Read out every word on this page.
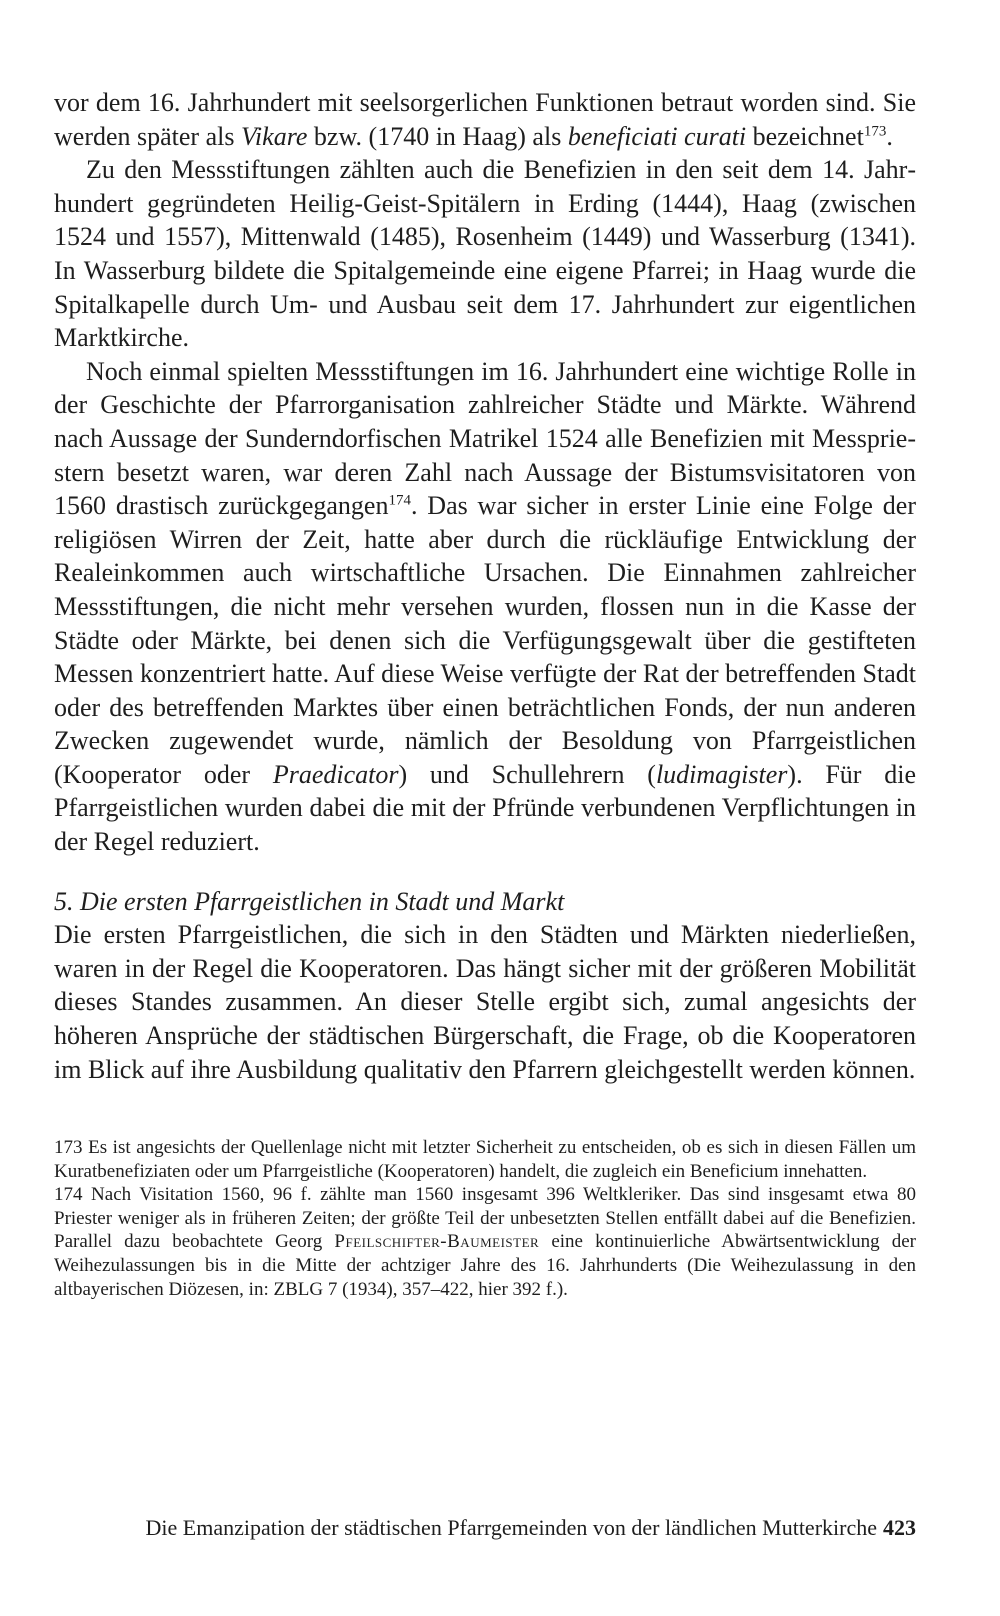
vor dem 16. Jahrhundert mit seelsorgerlichen Funktionen betraut worden sind. Sie werden später als Vikare bzw. (1740 in Haag) als beneficiati curati bezeichnet$^{173}$.

Zu den Messstiftungen zählten auch die Benefizien in den seit dem 14. Jahrhundert gegründeten Heilig-Geist-Spitälern in Erding (1444), Haag (zwischen 1524 und 1557), Mittenwald (1485), Rosenheim (1449) und Wasserburg (1341). In Wasserburg bildete die Spitalgemeinde eine eigene Pfarrei; in Haag wurde die Spitalkapelle durch Um- und Ausbau seit dem 17. Jahrhundert zur eigentlichen Marktkirche.

Noch einmal spielten Messstiftungen im 16. Jahrhundert eine wichtige Rolle in der Geschichte der Pfarrorganisation zahlreicher Städte und Märkte. Während nach Aussage der Sunderndorfischen Matrikel 1524 alle Benefizien mit Messpriestern besetzt waren, war deren Zahl nach Aussage der Bistumsvisitatoren von 1560 drastisch zurückgegangen$^{174}$. Das war sicher in erster Linie eine Folge der religiösen Wirren der Zeit, hatte aber durch die rückläufige Entwicklung der Realeinkommen auch wirtschaftliche Ursachen. Die Einnahmen zahlreicher Messstiftungen, die nicht mehr versehen wurden, flossen nun in die Kasse der Städte oder Märkte, bei denen sich die Verfügungsgewalt über die gestifteten Messen konzentriert hatte. Auf diese Weise verfügte der Rat der betreffenden Stadt oder des betreffenden Marktes über einen beträchtlichen Fonds, der nun anderen Zwecken zugewendet wurde, nämlich der Besoldung von Pfarrgeistlichen (Kooperator oder Praedicator) und Schullehrern (ludimagister). Für die Pfarrgeistlichen wurden dabei die mit der Pfründe verbundenen Verpflichtungen in der Regel reduziert.

5. Die ersten Pfarrgeistlichen in Stadt und Markt

Die ersten Pfarrgeistlichen, die sich in den Städten und Märkten niederließen, waren in der Regel die Kooperatoren. Das hängt sicher mit der größeren Mobilität dieses Standes zusammen. An dieser Stelle ergibt sich, zumal angesichts der höheren Ansprüche der städtischen Bürgerschaft, die Frage, ob die Kooperatoren im Blick auf ihre Ausbildung qualitativ den Pfarrern gleichgestellt werden können.

173 Es ist angesichts der Quellenlage nicht mit letzter Sicherheit zu entscheiden, ob es sich in diesen Fällen um Kuratbenefiziaten oder um Pfarrgeistliche (Kooperatoren) handelt, die zugleich ein Beneficium innehatten.

174 Nach Visitation 1560, 96 f. zählte man 1560 insgesamt 396 Weltkleriker. Das sind insgesamt etwa 80 Priester weniger als in früheren Zeiten; der größte Teil der unbesetzten Stellen entfällt dabei auf die Benefizien. Parallel dazu beobachtete Georg Pfeilschifter-Baumeister eine kontinuierliche Abwärtsentwicklung der Weihezulassungen bis in die Mitte der achtziger Jahre des 16. Jahrhunderts (Die Weihezulassung in den altbayerischen Diözesen, in: ZBLG 7 (1934), 357–422, hier 392 f.).

Die Emanzipation der städtischen Pfarrgemeinden von der ländlichen Mutterkirche 423
